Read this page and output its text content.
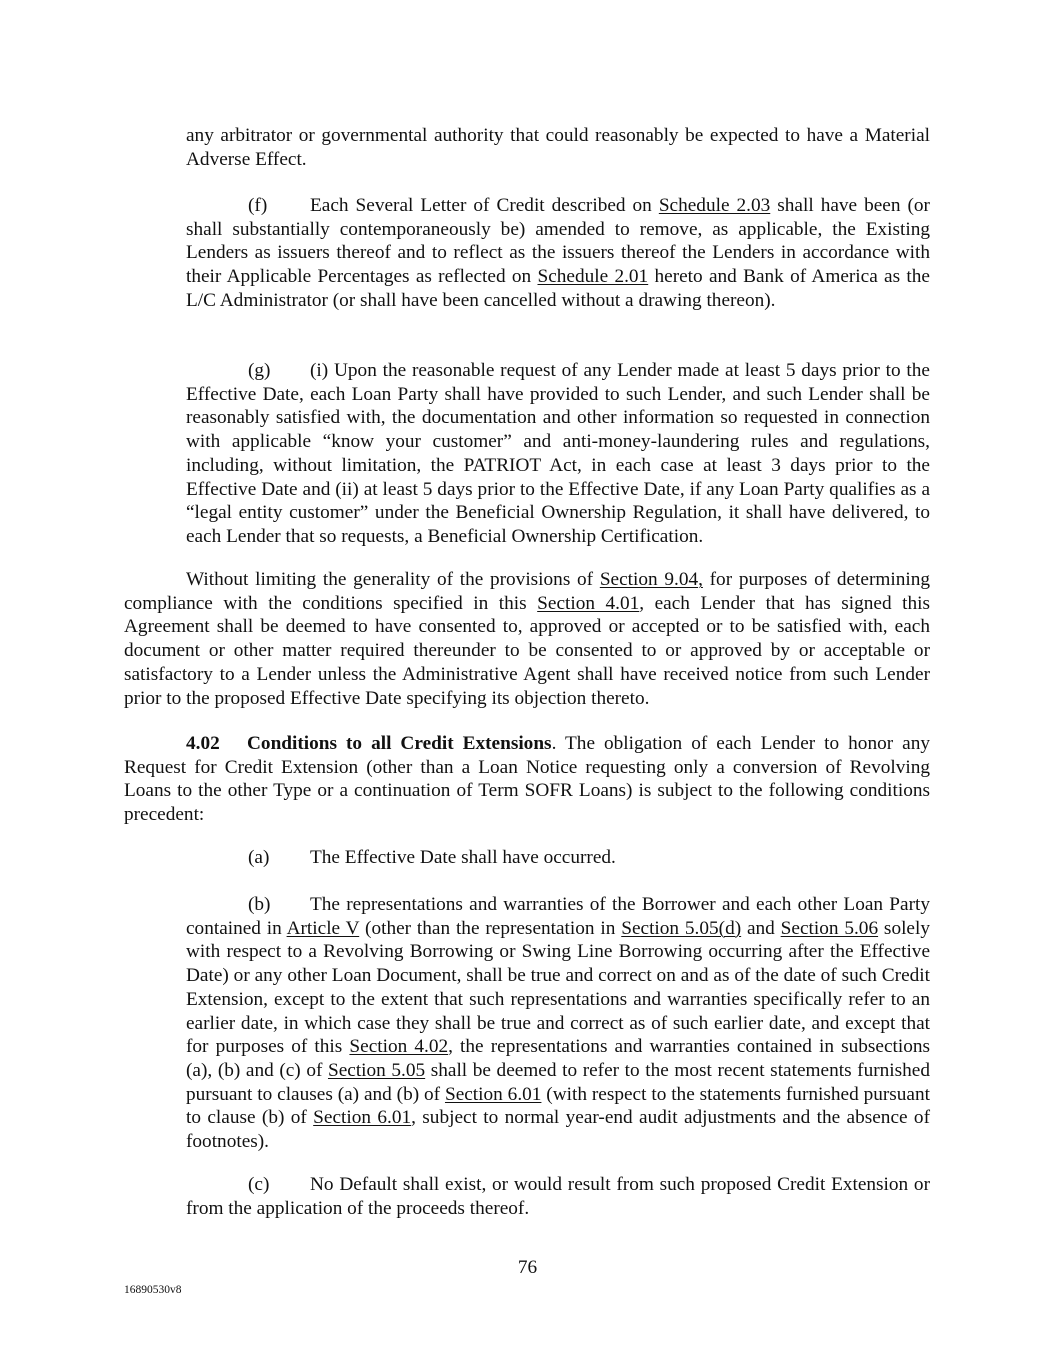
any arbitrator or governmental authority that could reasonably be expected to have a Material Adverse Effect.

(f) Each Several Letter of Credit described on Schedule 2.03 shall have been (or shall substantially contemporaneously be) amended to remove, as applicable, the Existing Lenders as issuers thereof and to reflect as the issuers thereof the Lenders in accordance with their Applicable Percentages as reflected on Schedule 2.01 hereto and Bank of America as the L/C Administrator (or shall have been cancelled without a drawing thereon).

(g) (i) Upon the reasonable request of any Lender made at least 5 days prior to the Effective Date, each Loan Party shall have provided to such Lender, and such Lender shall be reasonably satisfied with, the documentation and other information so requested in connection with applicable “know your customer” and anti-money-laundering rules and regulations, including, without limitation, the PATRIOT Act, in each case at least 3 days prior to the Effective Date and (ii) at least 5 days prior to the Effective Date, if any Loan Party qualifies as a “legal entity customer” under the Beneficial Ownership Regulation, it shall have delivered, to each Lender that so requests, a Beneficial Ownership Certification.

Without limiting the generality of the provisions of Section 9.04, for purposes of determining compliance with the conditions specified in this Section 4.01, each Lender that has signed this Agreement shall be deemed to have consented to, approved or accepted or to be satisfied with, each document or other matter required thereunder to be consented to or approved by or acceptable or satisfactory to a Lender unless the Administrative Agent shall have received notice from such Lender prior to the proposed Effective Date specifying its objection thereto.

4.02 Conditions to all Credit Extensions. The obligation of each Lender to honor any Request for Credit Extension (other than a Loan Notice requesting only a conversion of Revolving Loans to the other Type or a continuation of Term SOFR Loans) is subject to the following conditions precedent:

(a) The Effective Date shall have occurred.

(b) The representations and warranties of the Borrower and each other Loan Party contained in Article V (other than the representation in Section 5.05(d) and Section 5.06 solely with respect to a Revolving Borrowing or Swing Line Borrowing occurring after the Effective Date) or any other Loan Document, shall be true and correct on and as of the date of such Credit Extension, except to the extent that such representations and warranties specifically refer to an earlier date, in which case they shall be true and correct as of such earlier date, and except that for purposes of this Section 4.02, the representations and warranties contained in subsections (a), (b) and (c) of Section 5.05 shall be deemed to refer to the most recent statements furnished pursuant to clauses (a) and (b) of Section 6.01 (with respect to the statements furnished pursuant to clause (b) of Section 6.01, subject to normal year-end audit adjustments and the absence of footnotes).

(c) No Default shall exist, or would result from such proposed Credit Extension or from the application of the proceeds thereof.

76
16890530v8
